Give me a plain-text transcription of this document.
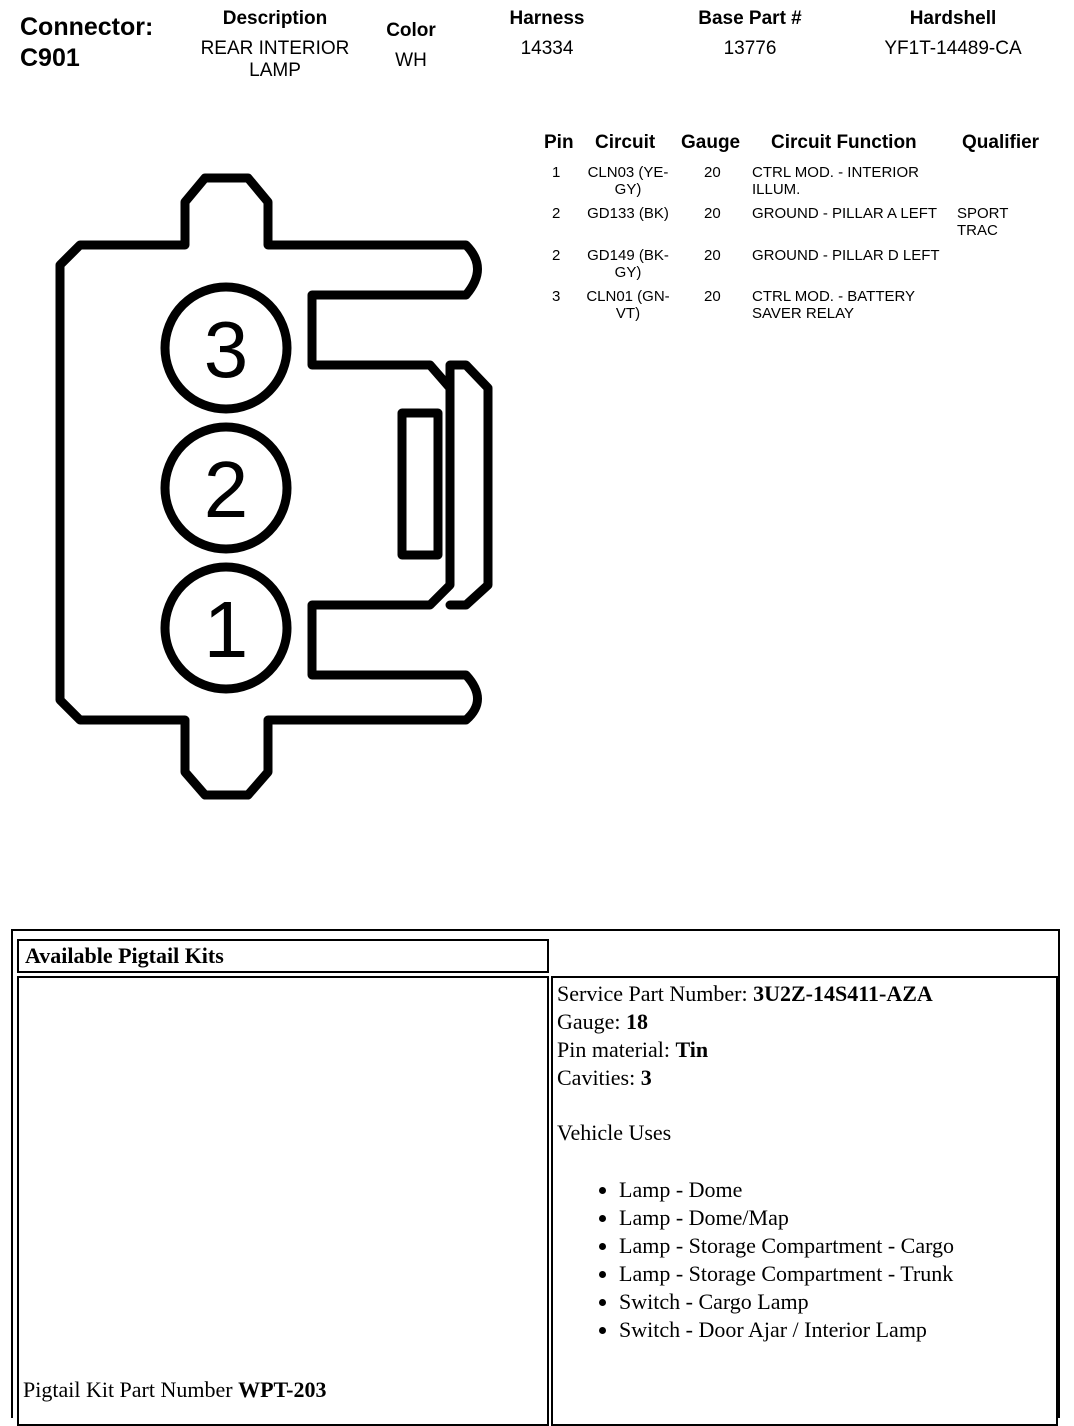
Connector:
C901
Description
REAR INTERIOR LAMP
Color
WH
Harness
14334
Base Part #
13776
Hardshell
YF1T-14489-CA
3
2
1
Pin Circuit Gauge Circuit Function Qualifier
1 CLN03 (YE-GY)
20 CTRL MOD. - INTERIOR ILLUM.
2 GD133 (BK) 20 GROUND - PILLAR A LEFT	SPORT TRAC
2 GD149 (BK-GY)
20 GROUND - PILLAR D LEFT
3 CLN01 (GN-VT)
20 CTRL MOD. - BATTERY SAVER RELAY
Available Pigtail Kits
Pigtail Kit Part Number WPT-203
Service Part Number: 3U2Z-14S411-AZA
Gauge: 18
Pin material: Tin
Cavities: 3
Vehicle Uses
• Lamp - Dome
• Lamp - Dome/Map
• Lamp - Storage Compartment - Cargo
• Lamp - Storage Compartment - Trunk
• Switch - Cargo Lamp
• Switch - Door Ajar / Interior Lamp
